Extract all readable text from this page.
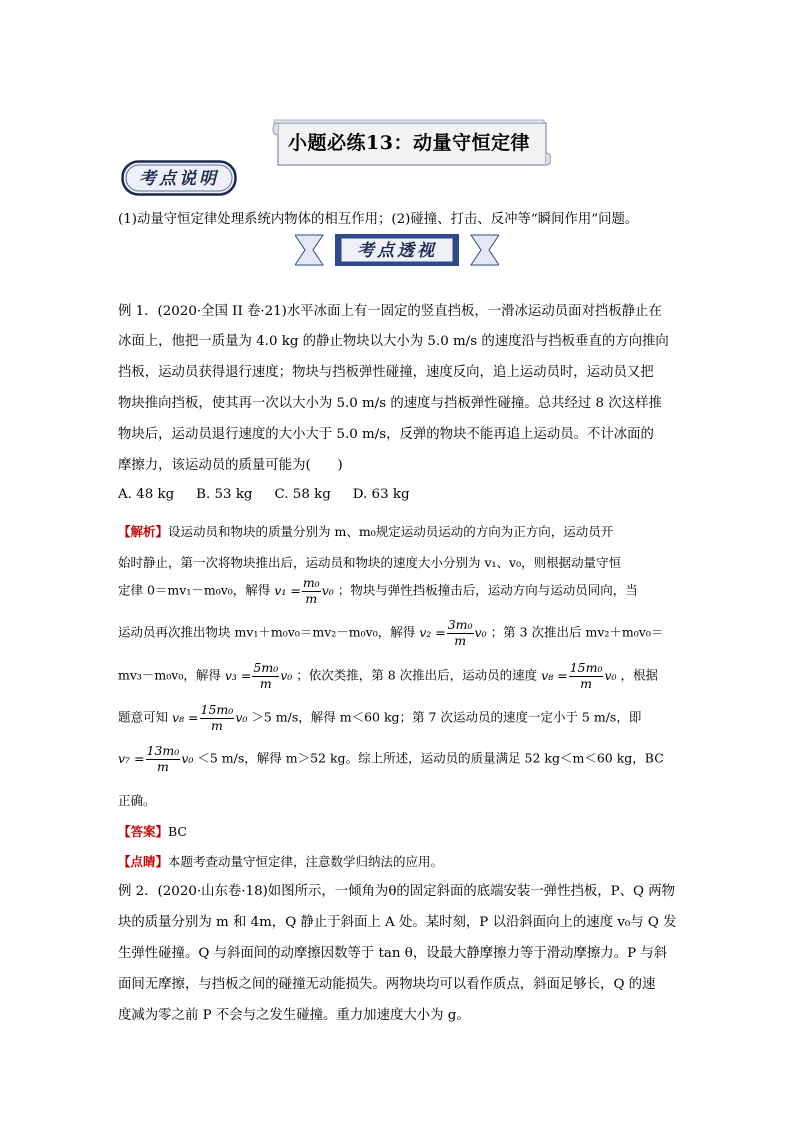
小题必练13：动量守恒定律
考点说明
(1)动量守恒定律处理系统内物体的相互作用；(2)碰撞、打击、反冲等“瞬间作用”问题。
考点透视
例 1．(2020·全国 II 卷·21)水平冰面上有一固定的竖直挡板，一滑冰运动员面对挡板静止在
冰面上，他把一质量为 4.0 kg 的静止物块以大小为 5.0 m/s 的速度沿与挡板垂直的方向推向
挡板，运动员获得退行速度；物块与挡板弹性碰撞，速度反向，追上运动员时，运动员又把
物块推向挡板，使其再一次以大小为 5.0 m/s 的速度与挡板弹性碰撞。总共经过 8 次这样推
物块后，运动员退行速度的大小大于 5.0 m/s，反弹的物块不能再追上运动员。不计冰面的
摩擦力，该运动员的质量可能为(　　)
A. 48 kg B. 53 kg C. 58 kg D. 63 kg
【解析】设运动员和物块的质量分别为 m、m₀规定运动员运动的方向为正方向，运动员开
始时静止，第一次将物块推出后，运动员和物块的速度大小分别为 v₁、v₀，则根据动量守恒
定律 0＝mv₁－m₀v₀，解得 $v_1 = \frac{\text{m₀}}{m} v_0$ ；物块与弹性挡板撞击后，运动方向与运动员同向，当
运动员再次推出物块 mv₁＋m₀v₀＝mv₂－m₀v₀，解得 $v_2 = \frac{\text{3m₀}}{m} v_0$ ；第 3 次推出后 mv₂＋m₀v₀＝
mv₃－m₀v₀，解得 $v_3 = \frac{\text{5m₀}}{m} v_0$ ；依次类推，第 8 次推出后，运动员的速度 $v_8 = \frac{\text{15m₀}}{m} v_0$ ，根据
题意可知 $v_8 = \frac{\text{15m₀}}{m} v_0 >5$ m/s，解得 m＜60 kg；第 7 次运动员的速度一定小于 5 m/s，即
$v_7 = \frac{\text{13m₀}}{m} v_0 <5$ m/s，解得 m＞52 kg。综上所述，运动员的质量满足 52 kg＜m＜60 kg，BC
正确。
【答案】BC
【点睛】本题考查动量守恒定律，注意数学归纳法的应用。
例 2．(2020·山东卷·18)如图所示，一倾角为θ的固定斜面的底端安装一弹性挡板，P、Q 两物
块的质量分别为 m 和 4m，Q 静止于斜面上 A 处。某时刻，P 以沿斜面向上的速度 v₀与 Q 发
生弹性碰撞。Q 与斜面间的动摩擦因数等于 tan θ，设最大静摩擦力等于滑动摩擦力。P 与斜
面间无摩擦，与挡板之间的碰撞无动能损失。两物块均可以看作质点，斜面足够长，Q 的速
度减为零之前 P 不会与之发生碰撞。重力加速度大小为 g。
